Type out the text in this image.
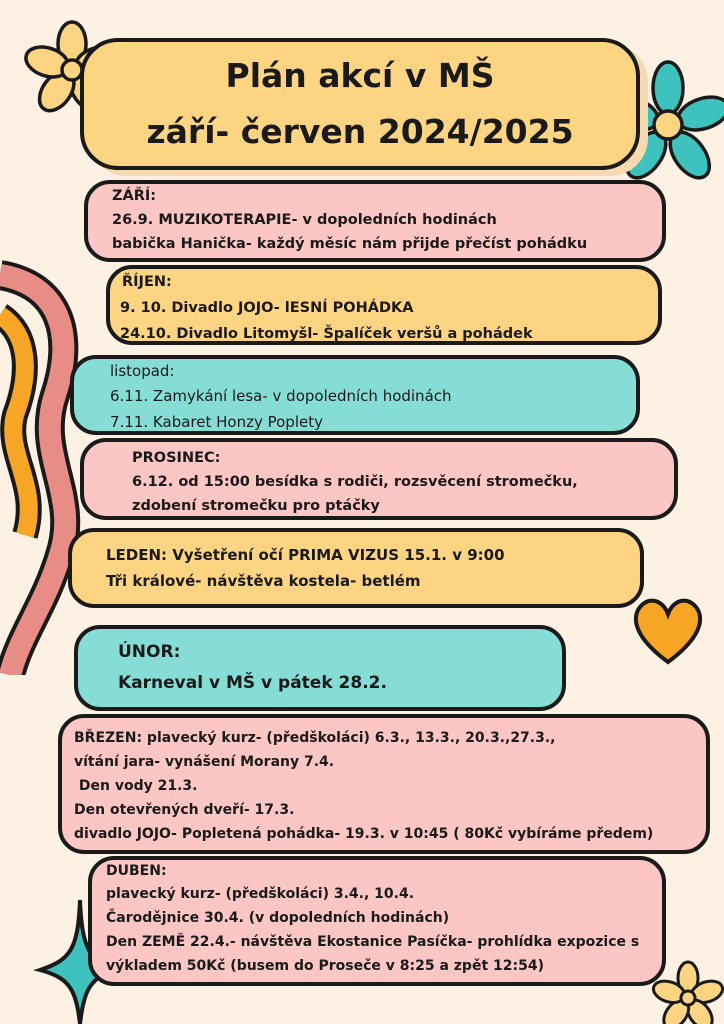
Plán akcí v MŠ
září- červen 2024/2025
ZÁŘÍ:
26.9. MUZIKOTERAPIE- v dopoledních hodinách
babička Hanička- každý měsíc nám přijde přečíst pohádku
ŘÍJEN:
9. 10. Divadlo JOJO- lESNÍ POHÁDKA
24.10. Divadlo Litomyšl- Špalíček veršů a pohádek
listopad:
6.11. Zamykání lesa- v dopoledních hodinách
7.11. Kabaret Honzy Poplety
PROSINEC:
6.12. od 15:00 besídka s rodiči, rozsvěcení stromečku,
zdobení stromečku pro ptáčky
LEDEN: Vyšetření očí PRIMA VIZUS 15.1. v 9:00
Tři králové- návštěva kostela- betlém
ÚNOR:
Karneval v MŠ v pátek 28.2.
BŘEZEN: plavecký kurz- (předškoláci) 6.3., 13.3., 20.3.,27.3.,
vítání jara- vynášení Morany 7.4.
Den vody 21.3.
Den otevřených dveří- 17.3.
divadlo JOJO- Popletená pohádka- 19.3. v 10:45 ( 80Kč vybíráme předem)
DUBEN:
plavecký kurz- (předškoláci) 3.4., 10.4.
Čarodějnice 30.4. (v dopoledních hodinách)
Den ZEMĚ 22.4.- návštěva Ekostanice Pasíčka- prohlídka expozice s
výkladem 50Kč (busem do Proseče v 8:25 a zpět 12:54)
